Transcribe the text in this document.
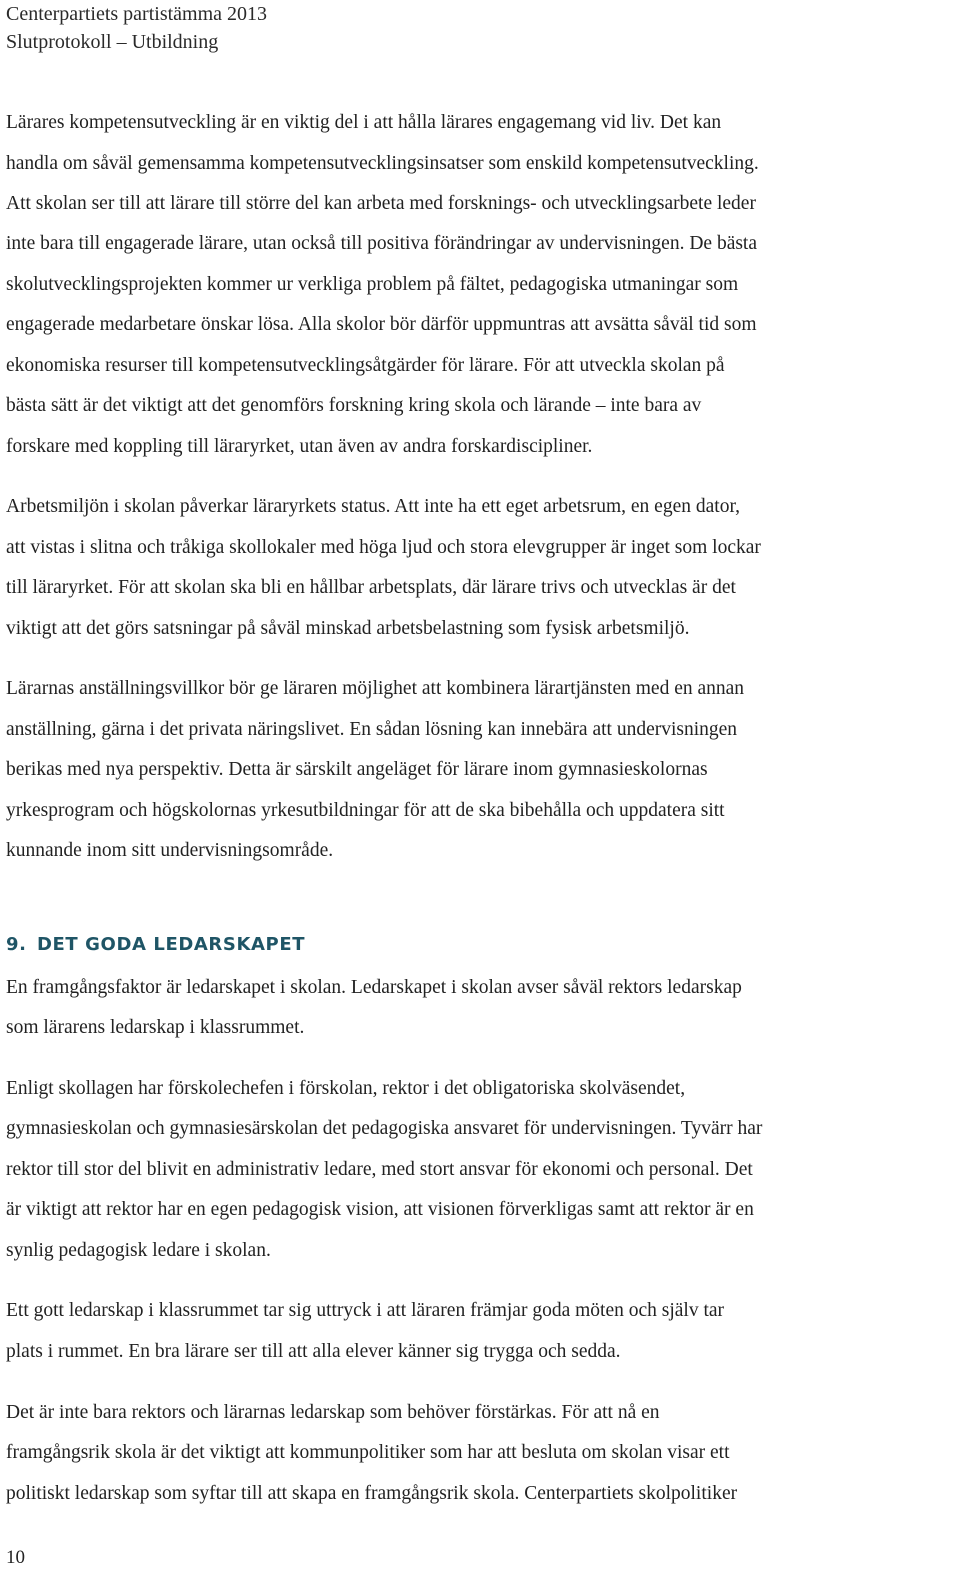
Centerpartiets partistämma 2013
Slutprotokoll – Utbildning
Lärares kompetensutveckling är en viktig del i att hålla lärares engagemang vid liv. Det kan
handla om såväl gemensamma kompetensutvecklingsinsatser som enskild kompetensutveckling.
Att skolan ser till att lärare till större del kan arbeta med forsknings- och utvecklingsarbete leder
inte bara till engagerade lärare, utan också till positiva förändringar av undervisningen. De bästa
skolutvecklingsprojekten kommer ur verkliga problem på fältet, pedagogiska utmaningar som
engagerade medarbetare önskar lösa. Alla skolor bör därför uppmuntras att avsätta såväl tid som
ekonomiska resurser till kompetensutvecklingsåtgärder för lärare. För att utveckla skolan på
bästa sätt är det viktigt att det genomförs forskning kring skola och lärande – inte bara av
forskare med koppling till läraryrket, utan även av andra forskardiscipliner.
Arbetsmiljön i skolan påverkar läraryrkets status. Att inte ha ett eget arbetsrum, en egen dator,
att vistas i slitna och tråkiga skollokaler med höga ljud och stora elevgrupper är inget som lockar
till läraryrket. För att skolan ska bli en hållbar arbetsplats, där lärare trivs och utvecklas är det
viktigt att det görs satsningar på såväl minskad arbetsbelastning som fysisk arbetsmiljö.
Lärarnas anställningsvillkor bör ge läraren möjlighet att kombinera lärartjänsten med en annan
anställning, gärna i det privata näringslivet. En sådan lösning kan innebära att undervisningen
berikas med nya perspektiv. Detta är särskilt angeläget för lärare inom gymnasieskolornas
yrkesprogram och högskolornas yrkesutbildningar för att de ska bibehålla och uppdatera sitt
kunnande inom sitt undervisningsområde.
9. DET GODA LEDARSKAPET
En framgångsfaktor är ledarskapet i skolan. Ledarskapet i skolan avser såväl rektors ledarskap
som lärarens ledarskap i klassrummet.
Enligt skollagen har förskolechefen i förskolan, rektor i det obligatoriska skolväsendet,
gymnasieskolan och gymnasiesärskolan det pedagogiska ansvaret för undervisningen. Tyvärr har
rektor till stor del blivit en administrativ ledare, med stort ansvar för ekonomi och personal. Det
är viktigt att rektor har en egen pedagogisk vision, att visionen förverkligas samt att rektor är en
synlig pedagogisk ledare i skolan.
Ett gott ledarskap i klassrummet tar sig uttryck i att läraren främjar goda möten och själv tar
plats i rummet. En bra lärare ser till att alla elever känner sig trygga och sedda.
Det är inte bara rektors och lärarnas ledarskap som behöver förstärkas. För att nå en
framgångsrik skola är det viktigt att kommunpolitiker som har att besluta om skolan visar ett
politiskt ledarskap som syftar till att skapa en framgångsrik skola. Centerpartiets skolpolitiker
10
